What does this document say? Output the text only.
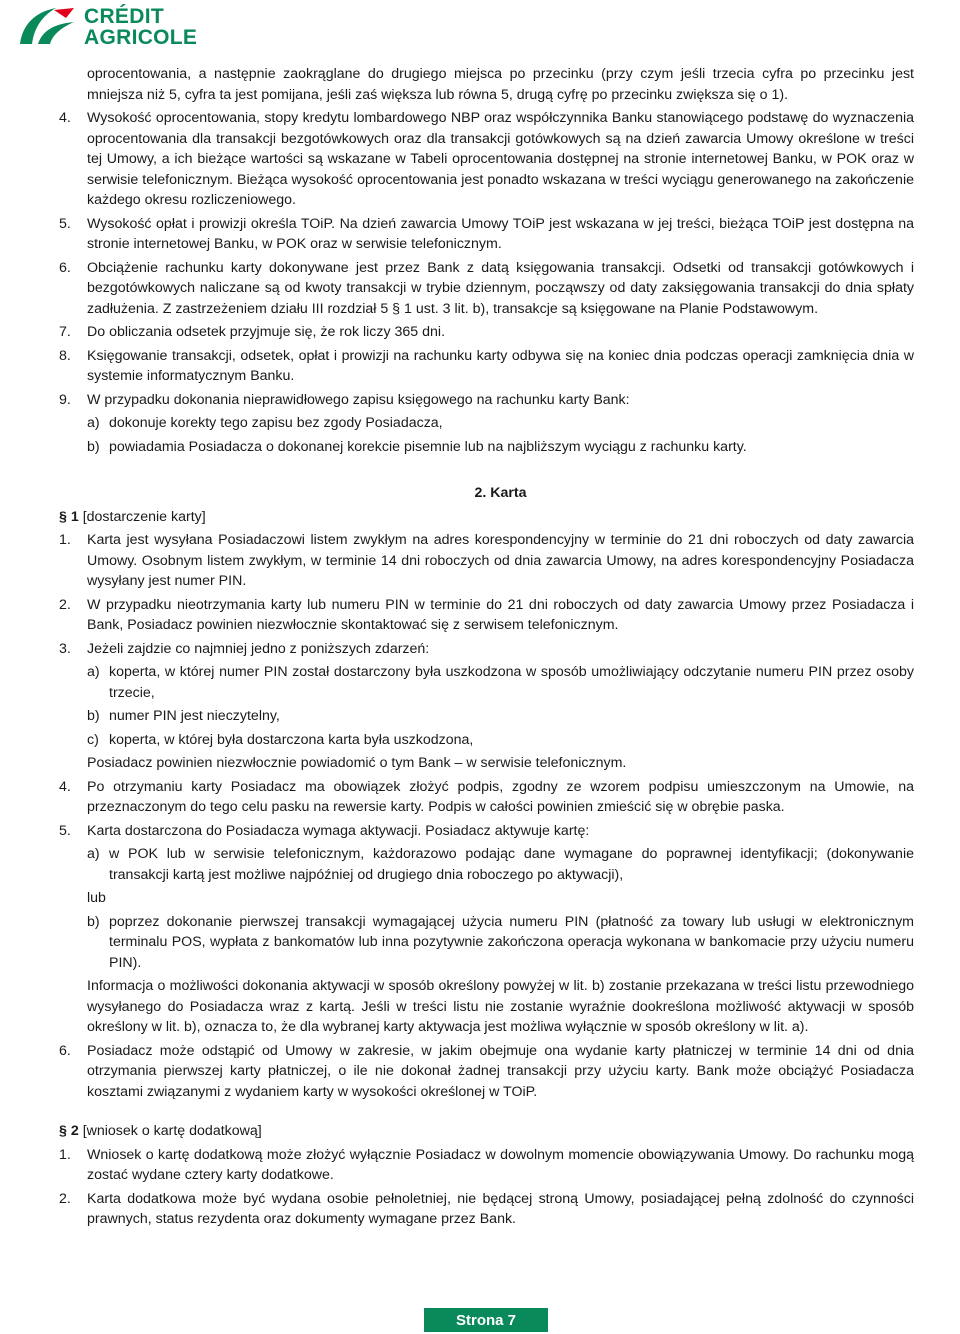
CRÉDIT
AGRICOLE

oprocentowania, a następnie zaokrąglane do drugiego miejsca po przecinku (przy czym jeśli trzecia cyfra po przecinku jest mniejsza niż 5, cyfra ta jest pomijana, jeśli zaś większa lub równa 5, drugą cyfrę po przecinku zwiększa się o 1).

4. Wysokość oprocentowania, stopy kredytu lombardowego NBP oraz współczynnika Banku stanowiącego podstawę do wyznaczenia oprocentowania dla transakcji bezgotówkowych oraz dla transakcji gotówkowych są na dzień zawarcia Umowy określone w treści tej Umowy, a ich bieżące wartości są wskazane w Tabeli oprocentowania dostępnej na stronie internetowej Banku, w POK oraz w serwisie telefonicznym. Bieżąca wysokość oprocentowania jest ponadto wskazana w treści wyciągu generowanego na zakończenie każdego okresu rozliczeniowego.
5. Wysokość opłat i prowizji określa TOiP. Na dzień zawarcia Umowy TOiP jest wskazana w jej treści, bieżąca TOiP jest dostępna na stronie internetowej Banku, w POK oraz w serwisie telefonicznym.
6. Obciążenie rachunku karty dokonywane jest przez Bank z datą księgowania transakcji. Odsetki od transakcji gotówkowych i bezgotówkowych naliczane są od kwoty transakcji w trybie dziennym, począwszy od daty zaksięgowania transakcji do dnia spłaty zadłużenia. Z zastrzeżeniem działu III rozdział 5 § 1 ust. 3 lit. b), transakcje są księgowane na Planie Podstawowym.
7. Do obliczania odsetek przyjmuje się, że rok liczy 365 dni.
8. Księgowanie transakcji, odsetek, opłat i prowizji na rachunku karty odbywa się na koniec dnia podczas operacji zamknięcia dnia w systemie informatycznym Banku.
9. W przypadku dokonania nieprawidłowego zapisu księgowego na rachunku karty Bank:
a) dokonuje korekty tego zapisu bez zgody Posiadacza,
b) powiadamia Posiadacza o dokonanej korekcie pisemnie lub na najbliższym wyciągu z rachunku karty.
2. Karta
§ 1 [dostarczenie karty]
1. Karta jest wysyłana Posiadaczowi listem zwykłym na adres korespondencyjny w terminie do 21 dni roboczych od daty zawarcia Umowy. Osobnym listem zwykłym, w terminie 14 dni roboczych od dnia zawarcia Umowy, na adres korespondencyjny Posiadacza wysyłany jest numer PIN.
2. W przypadku nieotrzymania karty lub numeru PIN w terminie do 21 dni roboczych od daty zawarcia Umowy przez Posiadacza i Bank, Posiadacz powinien niezwłocznie skontaktować się z serwisem telefonicznym.
3. Jeżeli zajdzie co najmniej jedno z poniższych zdarzeń:
a) koperta, w której numer PIN został dostarczony była uszkodzona w sposób umożliwiający odczytanie numeru PIN przez osoby trzecie,
b) numer PIN jest nieczytelny,
c) koperta, w której była dostarczona karta była uszkodzona,
Posiadacz powinien niezwłocznie powiadomić o tym Bank – w serwisie telefonicznym.
4. Po otrzymaniu karty Posiadacz ma obowiązek złożyć podpis, zgodny ze wzorem podpisu umieszczonym na Umowie, na przeznaczonym do tego celu pasku na rewersie karty. Podpis w całości powinien zmieścić się w obrębie paska.
5. Karta dostarczona do Posiadacza wymaga aktywacji. Posiadacz aktywuje kartę:
a) w POK lub w serwisie telefonicznym, każdorazowo podając dane wymagane do poprawnej identyfikacji; (dokonywanie transakcji kartą jest możliwe najpóźniej od drugiego dnia roboczego po aktywacji),
lub
b) poprzez dokonanie pierwszej transakcji wymagającej użycia numeru PIN (płatność za towary lub usługi w elektronicznym terminalu POS, wypłata z bankomatów lub inna pozytywnie zakończona operacja wykonana w bankomacie przy użyciu numeru PIN).
Informacja o możliwości dokonania aktywacji w sposób określony powyżej w lit. b) zostanie przekazana w treści listu przewodniego wysyłanego do Posiadacza wraz z kartą. Jeśli w treści listu nie zostanie wyraźnie dookreślona możliwość aktywacji w sposób określony w lit. b), oznacza to, że dla wybranej karty aktywacja jest możliwa wyłącznie w sposób określony w lit. a).
6. Posiadacz może odstąpić od Umowy w zakresie, w jakim obejmuje ona wydanie karty płatniczej w terminie 14 dni od dnia otrzymania pierwszej karty płatniczej, o ile nie dokonał żadnej transakcji przy użyciu karty. Bank może obciążyć Posiadacza kosztami związanymi z wydaniem karty w wysokości określonej w TOiP.
§ 2 [wniosek o kartę dodatkową]
1. Wniosek o kartę dodatkową może złożyć wyłącznie Posiadacz w dowolnym momencie obowiązywania Umowy. Do rachunku mogą zostać wydane cztery karty dodatkowe.
2. Karta dodatkowa może być wydana osobie pełnoletniej, nie będącej stroną Umowy, posiadającej pełną zdolność do czynności prawnych, status rezydenta oraz dokumenty wymagane przez Bank.
Strona 7
